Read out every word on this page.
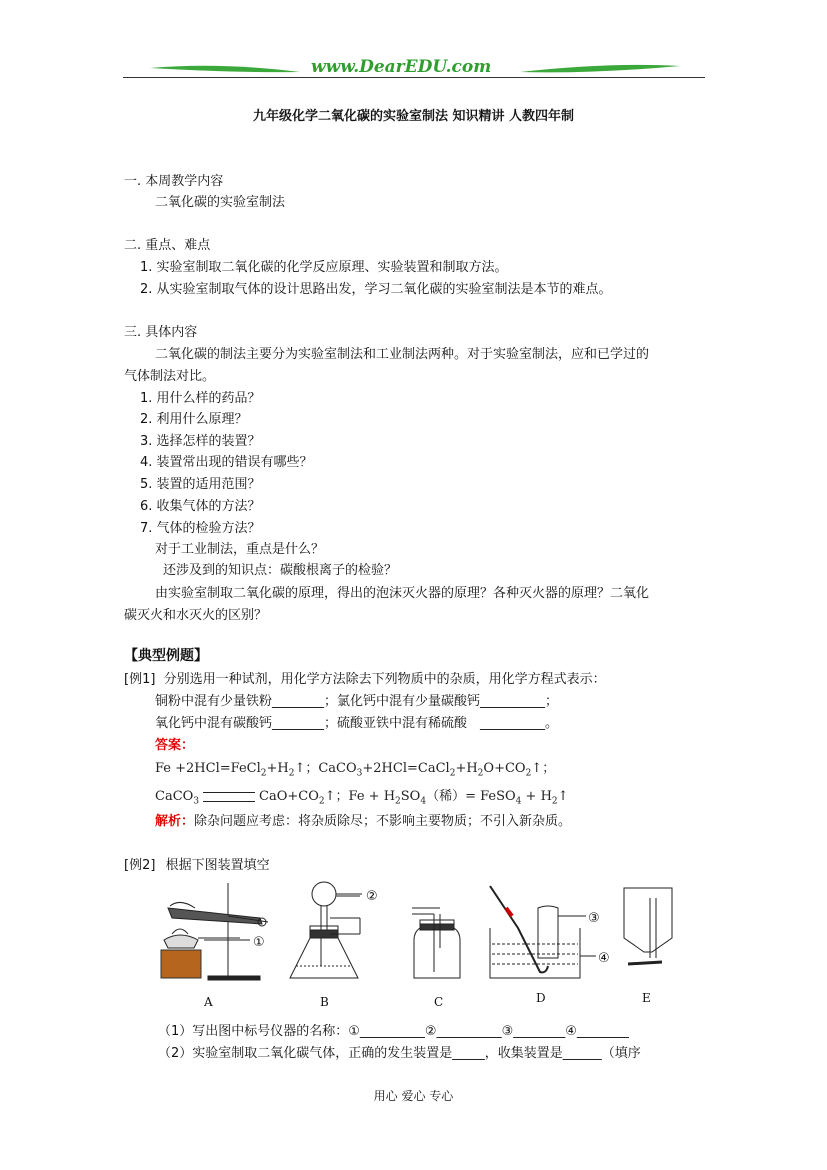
www.DearEDU.com
九年级化学二氧化碳的实验室制法 知识精讲 人教四年制
一. 本周教学内容
二氧化碳的实验室制法
二. 重点、难点
1. 实验室制取二氧化碳的化学反应原理、实验装置和制取方法。
2. 从实验室制取气体的设计思路出发，学习二氧化碳的实验室制法是本节的难点。
三. 具体内容
二氧化碳的制法主要分为实验室制法和工业制法两种。对于实验室制法，应和已学过的
气体制法对比。
1. 用什么样的药品？
2. 利用什么原理？
3. 选择怎样的装置？
4. 装置常出现的错误有哪些？
5. 装置的适用范围？
6. 收集气体的方法？
7. 气体的检验方法？
对于工业制法，重点是什么？
还涉及到的知识点：碳酸根离子的检验？
由实验室制取二氧化碳的原理，得出的泡沫灭火器的原理？各种灭火器的原理？二氧化
碳灭火和水灭火的区别？
【典型例题】
[例1] 分别选用一种试剂，用化学方法除去下列物质中的杂质，用化学方程式表示：
铜粉中混有少量铁粉________；氯化钙中混有少量碳酸钙__________；
氧化钙中混有碳酸钙________；硫酸亚铁中混有稀硫酸　__________。
答案：
$Fe +2HCl=FeCl_2+H_2↑$；$CaCO_3+2HCl=CaCl_2+H_2O+CO_2↑$；
CaCO$_3$	$CaO+CO_2↑$；$Fe + H_2SO_4$（稀）= FeSO$_4$ + $H_2↑$
解析：除杂问题应考虑：将杂质除尽；不影响主要物质；不引入新杂质。
[例2] 根据下图装置填空
①
②
③
④
A	B	C	D	E
（1）写出图中标号仪器的名称：①__________②__________③________④________
（2）实验室制取二氧化碳气体，正确的发生装置是_____，收集装置是______（填序
用心 爱心 专心
